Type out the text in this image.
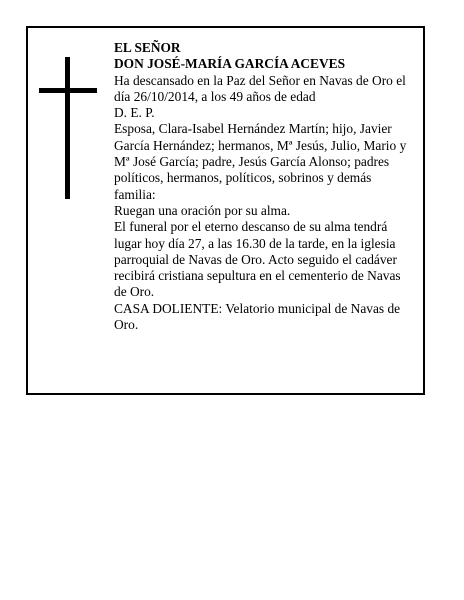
EL SEÑOR

DON JOSÉ-MARÍA GARCÍA ACEVES

Ha descansado en la Paz del Señor en Navas de Oro el día 26/10/2014, a los 49 años de edad

D. E. P.

Esposa, Clara-Isabel Hernández Martín; hijo, Javier García Hernández; hermanos, Mª Jesús, Julio, Mario y Mª José García; padre, Jesús García Alonso; padres políticos, hermanos, políticos, sobrinos y demás familia:

Ruegan una oración por su alma.

El funeral por el eterno descanso de su alma tendrá lugar hoy día 27, a las 16.30 de la tarde, en la iglesia parroquial de Navas de Oro. Acto seguido el cadáver recibirá cristiana sepultura en el cementerio de Navas de Oro.

CASA DOLIENTE: Velatorio municipal de Navas de Oro.
